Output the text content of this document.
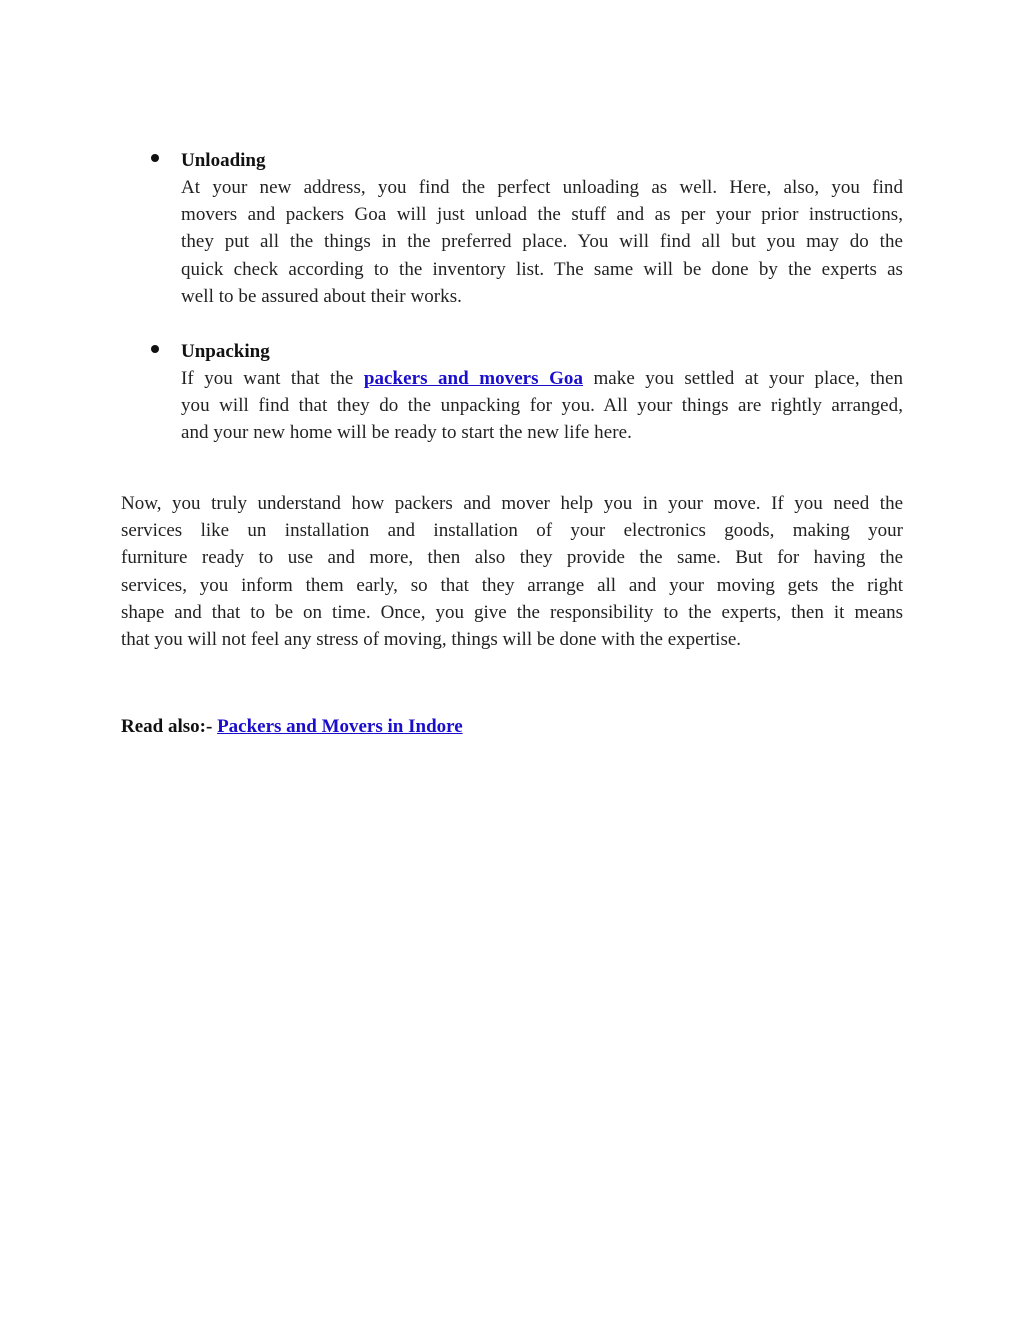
Unloading

At your new address, you find the perfect unloading as well. Here, also, you find
movers and packers Goa will just unload the stuff and as per your prior instructions,
they put all the things in the preferred place. You will find all but you may do the
quick check according to the inventory list. The same will be done by the experts as
well to be assured about their works.

Unpacking

If you want that the packers and movers Goa make you settled at your place, then
you will find that they do the unpacking for you. All your things are rightly arranged,
and your new home will be ready to start the new life here.

Now, you truly understand how packers and mover help you in your move. If you need the
services like un installation and installation of your electronics goods, making your
furniture ready to use and more, then also they provide the same. But for having the
services, you inform them early, so that they arrange all and your moving gets the right
shape and that to be on time. Once, you give the responsibility to the experts, then it means
that you will not feel any stress of moving, things will be done with the expertise.

Read also:- Packers and Movers in Indore
